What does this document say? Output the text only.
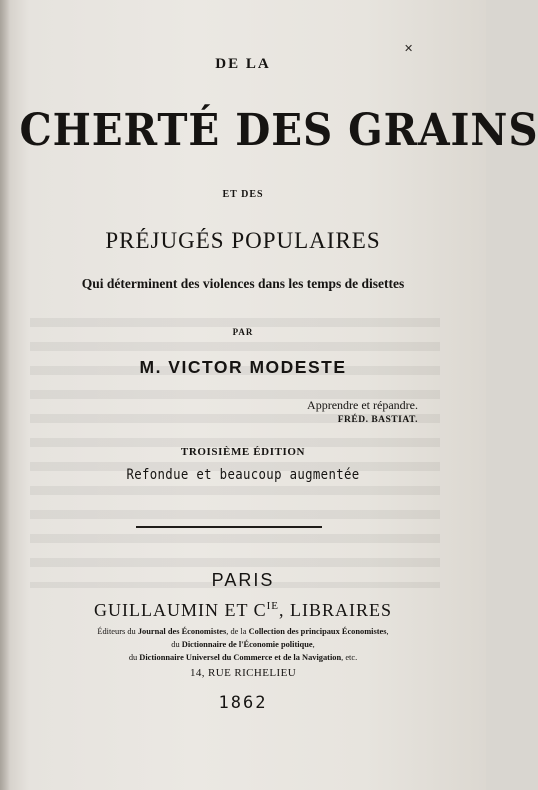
✕
DE LA
CHERTÉ DES GRAINS
ET DES
PRÉJUGÉS POPULAIRES
Qui déterminent des violences dans les temps de disettes
PAR
M. VICTOR MODESTE
Apprendre et répandre.
FRÉD. BASTIAT.
TROISIÈME ÉDITION
Refondue et beaucoup augmentée
PARIS
GUILLAUMIN ET $C^{IE}$, LIBRAIRES
Éditeurs du Journal des Économistes, de la Collection des principaux Économistes,
du Dictionnaire de l'Économie politique,
du Dictionnaire Universel du Commerce et de la Navigation, etc.
14, RUE RICHELIEU
1862
